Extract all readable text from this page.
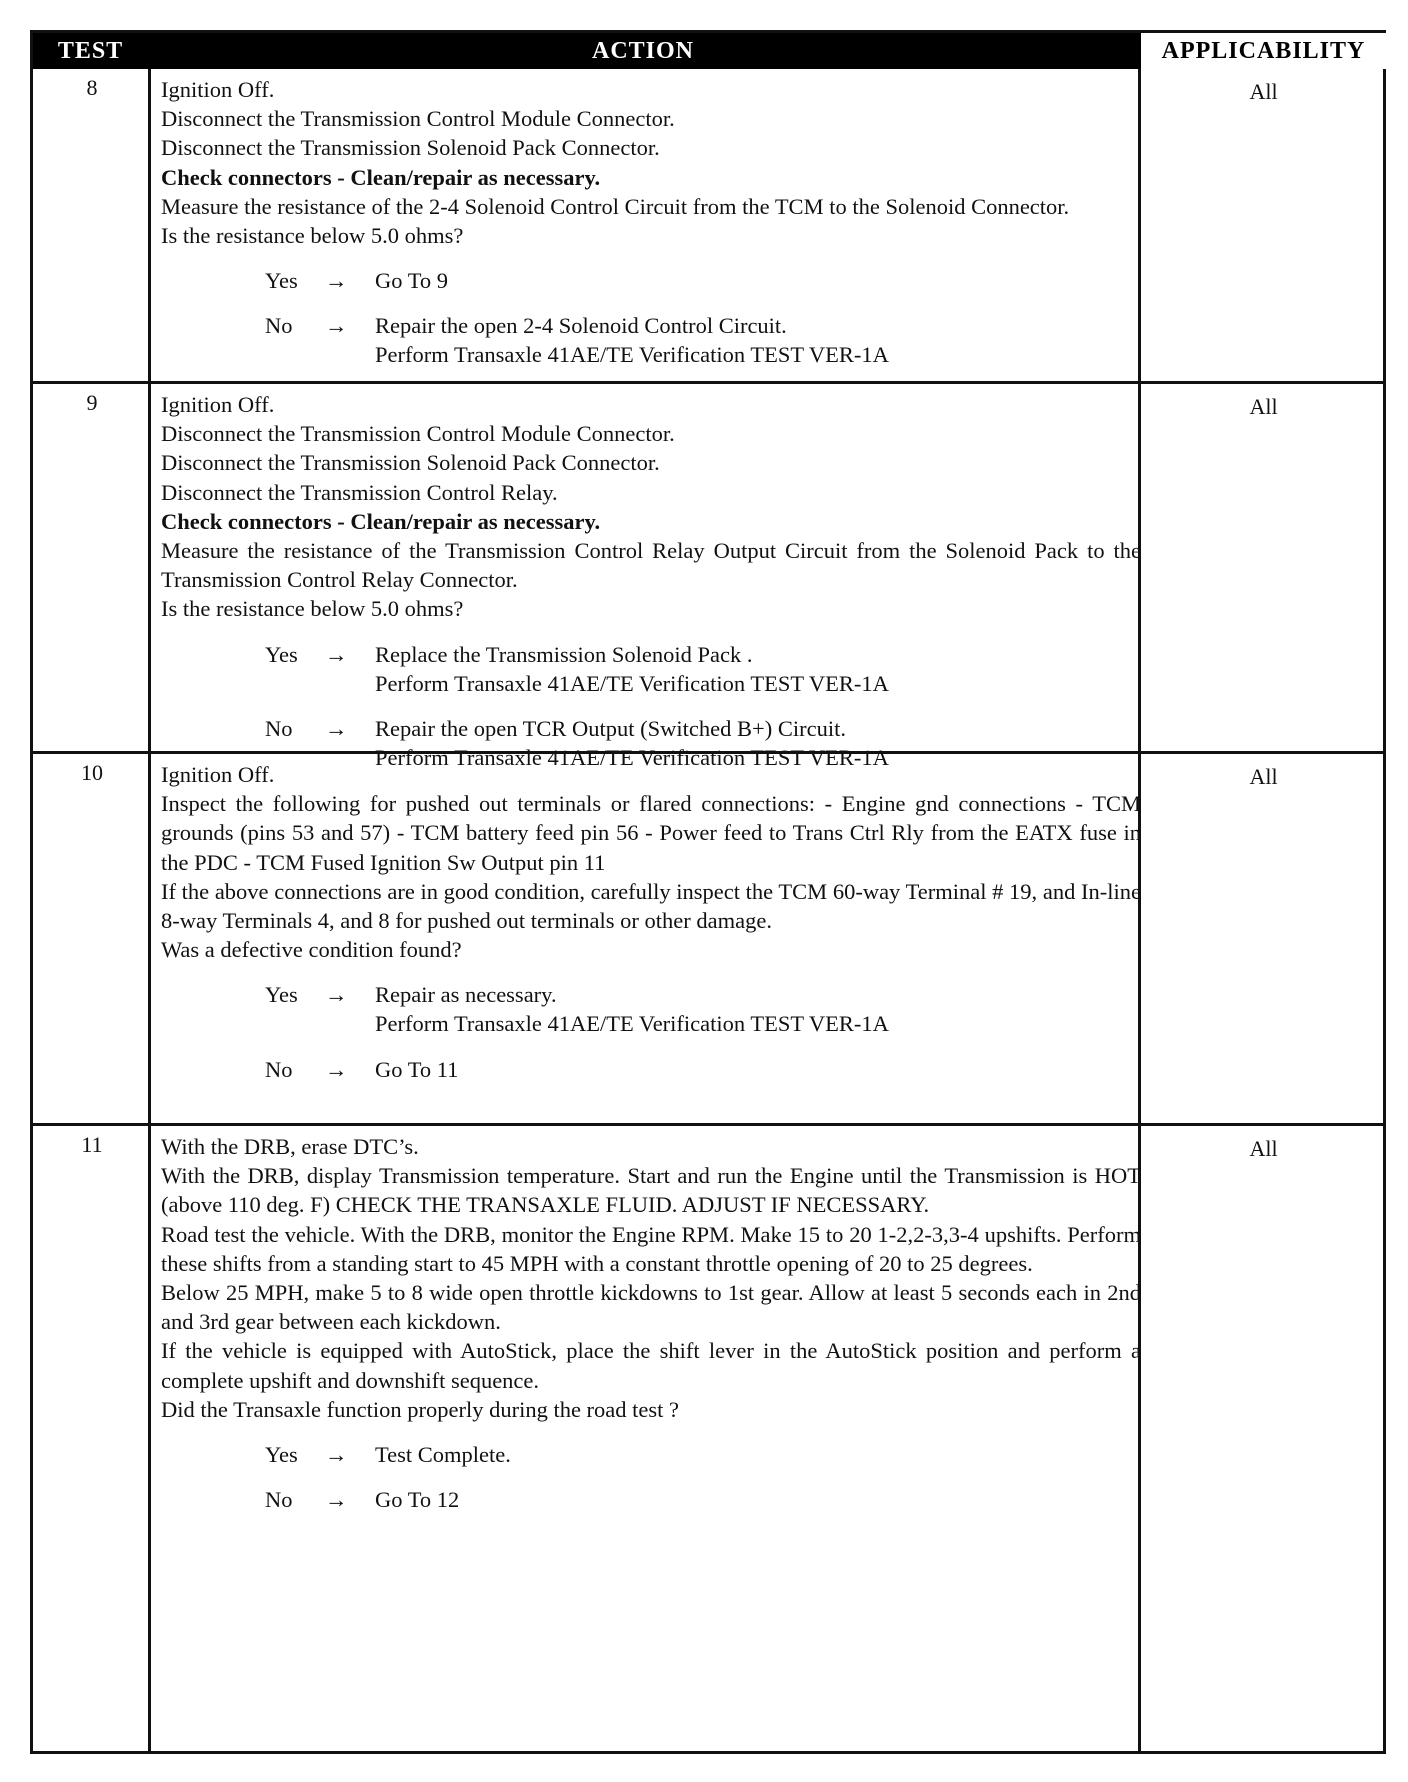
TEST	ACTION	APPLICABILITY
8	Ignition Off.

Disconnect the Transmission Control Module Connector.

Disconnect the Transmission Solenoid Pack Connector.

Check connectors - Clean/repair as necessary.

Measure the resistance of the 2-4 Solenoid Control Circuit from the TCM to the Solenoid Connector.

Is the resistance below 5.0 ohms?

Yes → Go To 9
No → Repair the open 2-4 Solenoid Control Circuit.
Perform Transaxle 41AE/TE Verification TEST VER-1A
All
9	Ignition Off.

Disconnect the Transmission Control Module Connector.

Disconnect the Transmission Solenoid Pack Connector.

Disconnect the Transmission Control Relay.

Check connectors - Clean/repair as necessary.

Measure the resistance of the Transmission Control Relay Output Circuit from the Solenoid Pack to the Transmission Control Relay Connector.

Is the resistance below 5.0 ohms?

Yes → Replace the Transmission Solenoid Pack .
Perform Transaxle 41AE/TE Verification TEST VER-1A
No → Repair the open TCR Output (Switched B+) Circuit.
Perform Transaxle 41AE/TE Verification TEST VER-1A
All
10	Ignition Off.

Inspect the following for pushed out terminals or flared connections: - Engine gnd connections - TCM grounds (pins 53 and 57) - TCM battery feed pin 56 - Power feed to Trans Ctrl Rly from the EATX fuse in the PDC - TCM Fused Ignition Sw Output pin 11

If the above connections are in good condition, carefully inspect the TCM 60-way Terminal # 19, and In-line 8-way Terminals 4, and 8 for pushed out terminals or other damage.

Was a defective condition found?

Yes → Repair as necessary.
Perform Transaxle 41AE/TE Verification TEST VER-1A
No → Go To 11
All
11	With the DRB, erase DTC’s.

With the DRB, display Transmission temperature. Start and run the Engine until the Transmission is HOT (above 110 deg. F) CHECK THE TRANSAXLE FLUID. ADJUST IF NECESSARY.

Road test the vehicle. With the DRB, monitor the Engine RPM. Make 15 to 20 1-2,2-3,3-4 upshifts. Perform these shifts from a standing start to 45 MPH with a constant throttle opening of 20 to 25 degrees.

Below 25 MPH, make 5 to 8 wide open throttle kickdowns to 1st gear. Allow at least 5 seconds each in 2nd and 3rd gear between each kickdown.

If the vehicle is equipped with AutoStick, place the shift lever in the AutoStick position and perform a complete upshift and downshift sequence.

Did the Transaxle function properly during the road test ?

Yes → Test Complete.
No → Go To 12
All
